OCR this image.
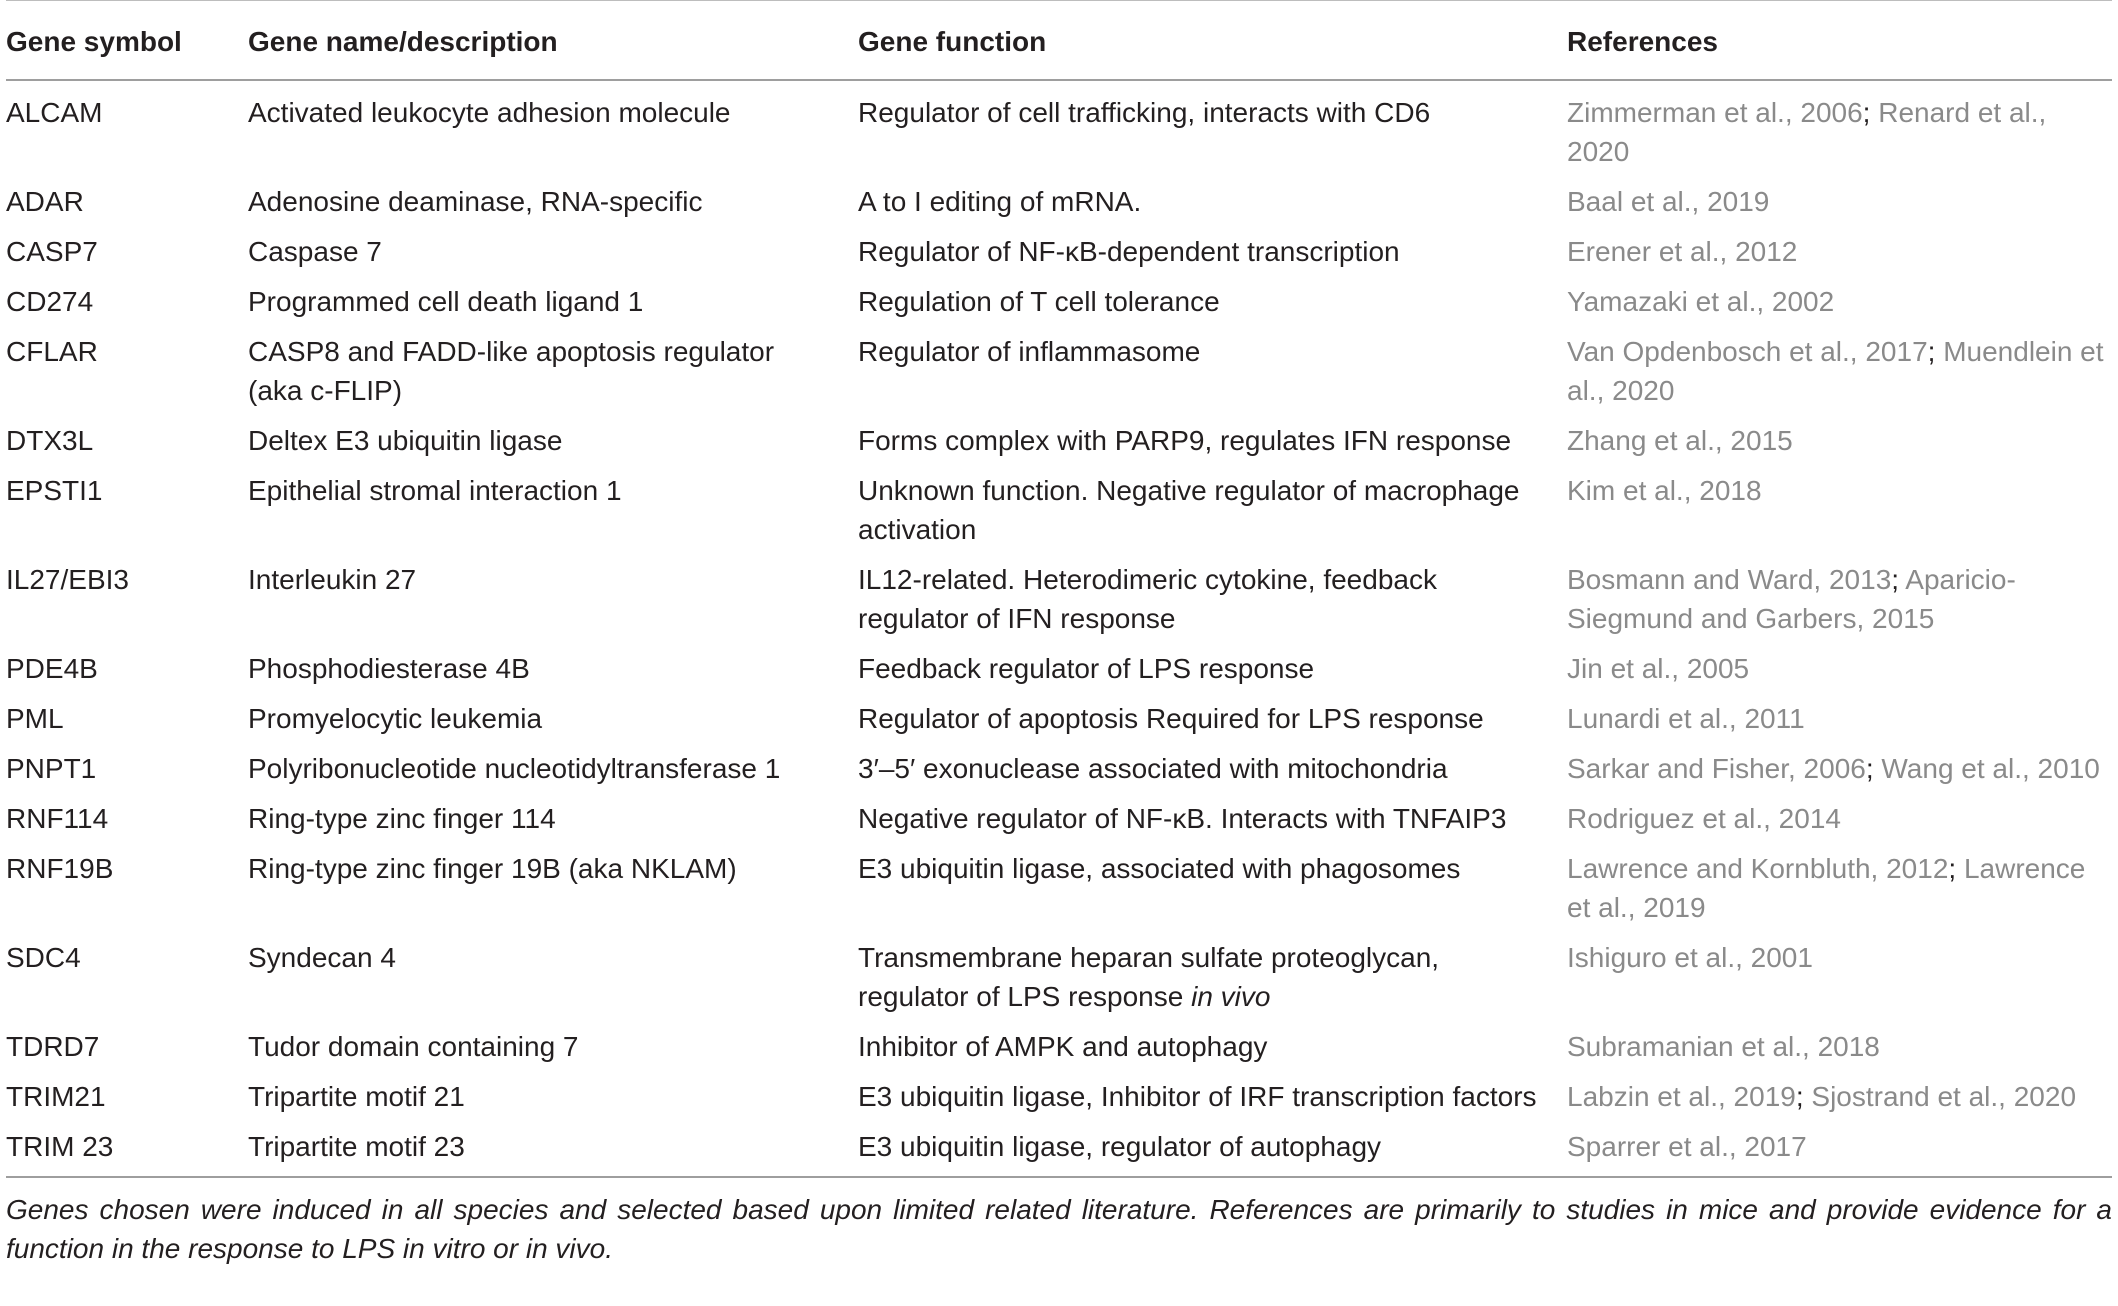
Gene symbol	Gene name/description	Gene function	References
ALCAM	Activated leukocyte adhesion molecule	Regulator of cell trafficking, interacts with CD6	Zimmerman et al., 2006; Renard et al., 2020
ADAR	Adenosine deaminase, RNA-specific	A to I editing of mRNA.	Baal et al., 2019
CASP7	Caspase 7	Regulator of NF-κB-dependent transcription	Erener et al., 2012
CD274	Programmed cell death ligand 1	Regulation of T cell tolerance	Yamazaki et al., 2002
CFLAR	CASP8 and FADD-like apoptosis regulator (aka c-FLIP)	Regulator of inflammasome	Van Opdenbosch et al., 2017; Muendlein et al., 2020
DTX3L	Deltex E3 ubiquitin ligase	Forms complex with PARP9, regulates IFN response	Zhang et al., 2015
EPSTI1	Epithelial stromal interaction 1	Unknown function. Negative regulator of macrophage activation	Kim et al., 2018
IL27/EBI3	Interleukin 27	IL12-related. Heterodimeric cytokine, feedback regulator of IFN response	Bosmann and Ward, 2013; Aparicio-Siegmund and Garbers, 2015
PDE4B	Phosphodiesterase 4B	Feedback regulator of LPS response	Jin et al., 2005
PML	Promyelocytic leukemia	Regulator of apoptosis Required for LPS response	Lunardi et al., 2011
PNPT1	Polyribonucleotide nucleotidyltransferase 1	3′–5′ exonuclease associated with mitochondria	Sarkar and Fisher, 2006; Wang et al., 2010
RNF114	Ring-type zinc finger 114	Negative regulator of NF-κB. Interacts with TNFAIP3	Rodriguez et al., 2014
RNF19B	Ring-type zinc finger 19B (aka NKLAM)	E3 ubiquitin ligase, associated with phagosomes	Lawrence and Kornbluth, 2012; Lawrence et al., 2019
SDC4	Syndecan 4	Transmembrane heparan sulfate proteoglycan, regulator of LPS response in vivo	Ishiguro et al., 2001
TDRD7	Tudor domain containing 7	Inhibitor of AMPK and autophagy	Subramanian et al., 2018
TRIM21	Tripartite motif 21	E3 ubiquitin ligase, Inhibitor of IRF transcription factors	Labzin et al., 2019; Sjostrand et al., 2020
TRIM 23	Tripartite motif 23	E3 ubiquitin ligase, regulator of autophagy	Sparrer et al., 2017
Genes chosen were induced in all species and selected based upon limited related literature. References are primarily to studies in mice and provide evidence for a function in the response to LPS in vitro or in vivo.
